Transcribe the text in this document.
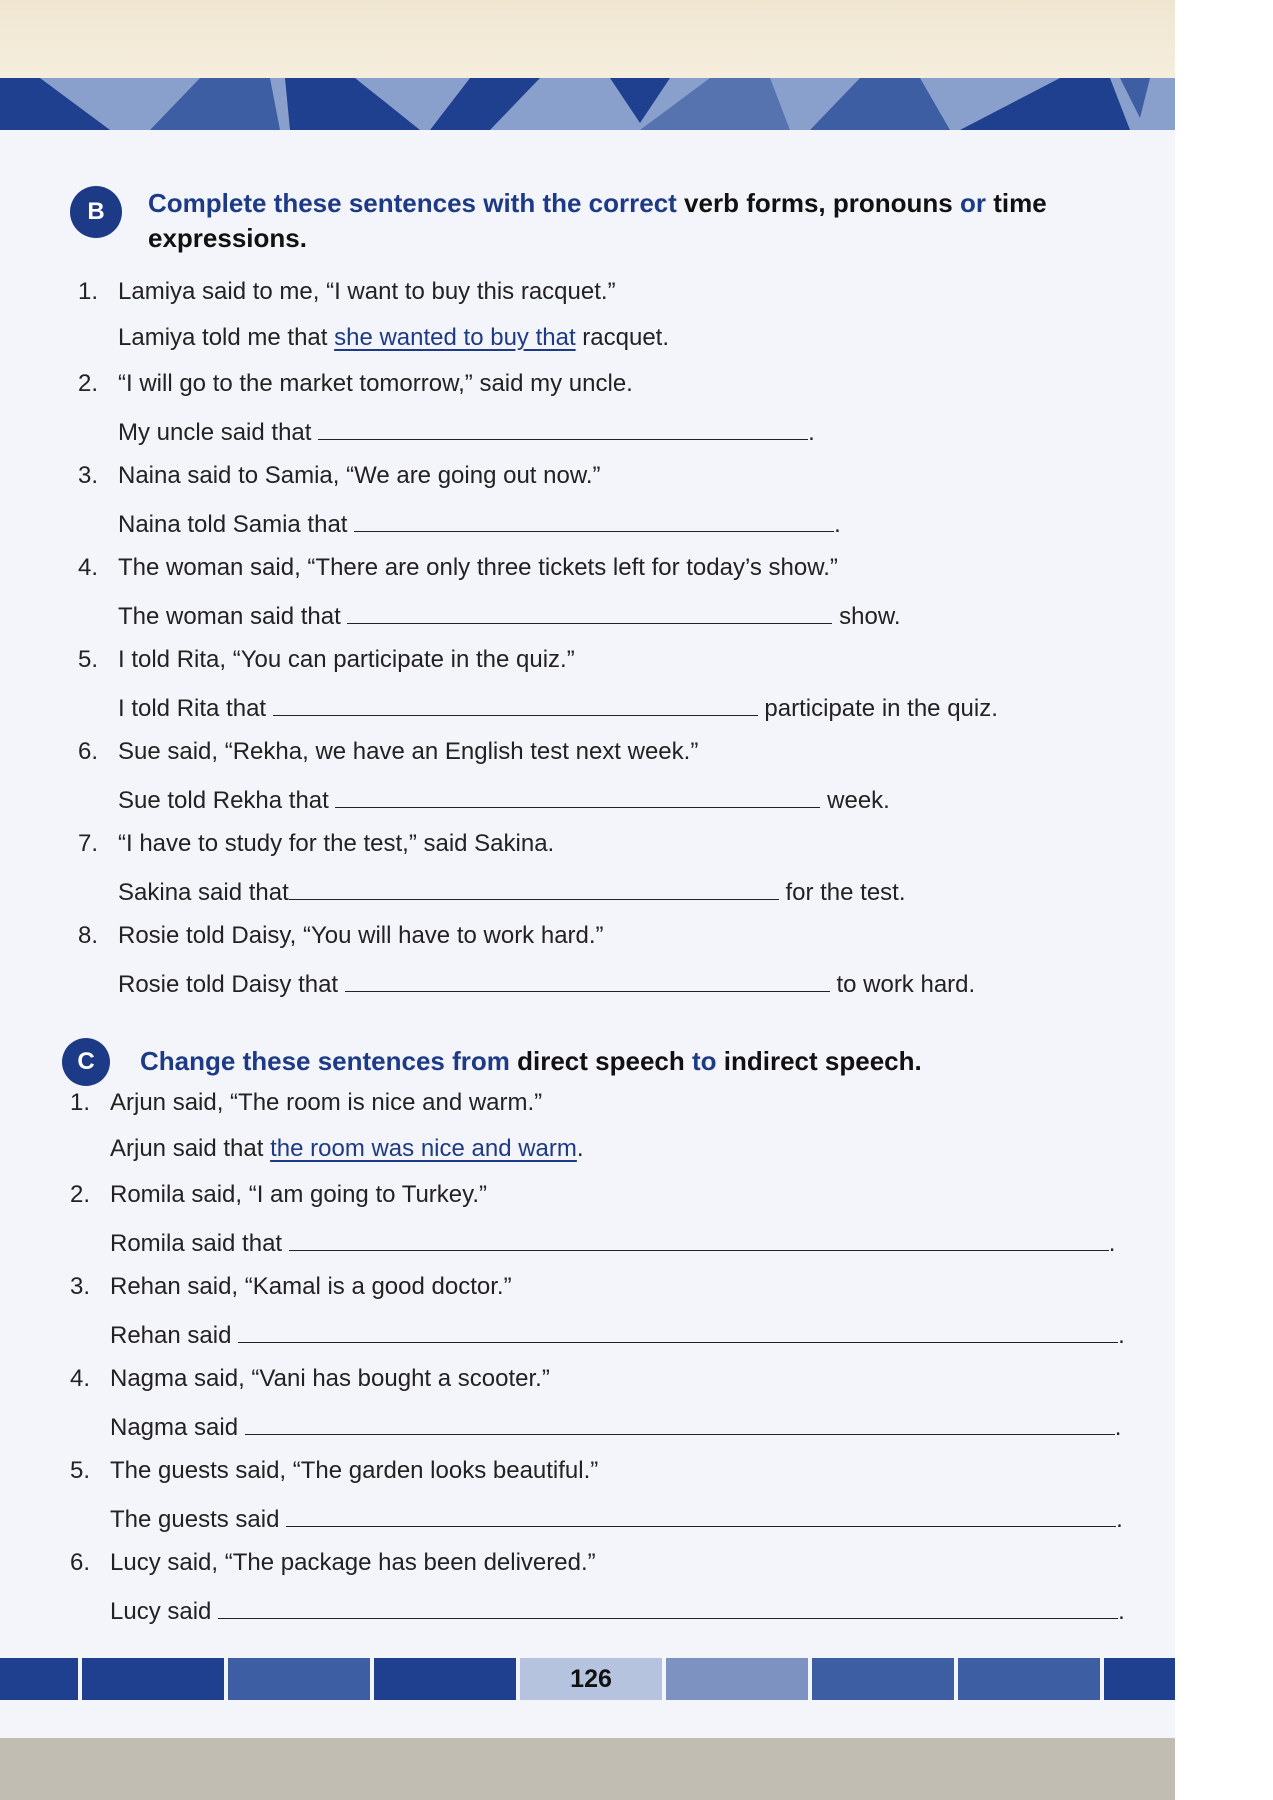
B	Complete these sentences with the correct verb forms, pronouns or time expressions.
1. Lamiya said to me, “I want to buy this racquet.”
Lamiya told me that she wanted to buy that racquet.
2. “I will go to the market tomorrow,” said my uncle.
My uncle said that	.
3. Naina said to Samia, “We are going out now.”
Naina told Samia that	.
4. The woman said, “There are only three tickets left for today’s show.”
The woman said that	show.
5. I told Rita, “You can participate in the quiz.”
I told Rita that	participate in the quiz.
6. Sue said, “Rekha, we have an English test next week.”
Sue told Rekha that	week.
7. “I have to study for the test,” said Sakina.
Sakina said that	for the test.
8. Rosie told Daisy, “You will have to work hard.”
Rosie told Daisy that	to work hard.
C	Change these sentences from direct speech to indirect speech.
1. Arjun said, “The room is nice and warm.”
Arjun said that the room was nice and warm.
2. Romila said, “I am going to Turkey.”
Romila said that	.
3. Rehan said, “Kamal is a good doctor.”
Rehan said	.
4. Nagma said, “Vani has bought a scooter.”
Nagma said	.
5. The guests said, “The garden looks beautiful.”
The guests said	.
6. Lucy said, “The package has been delivered.”
Lucy said	.
126
